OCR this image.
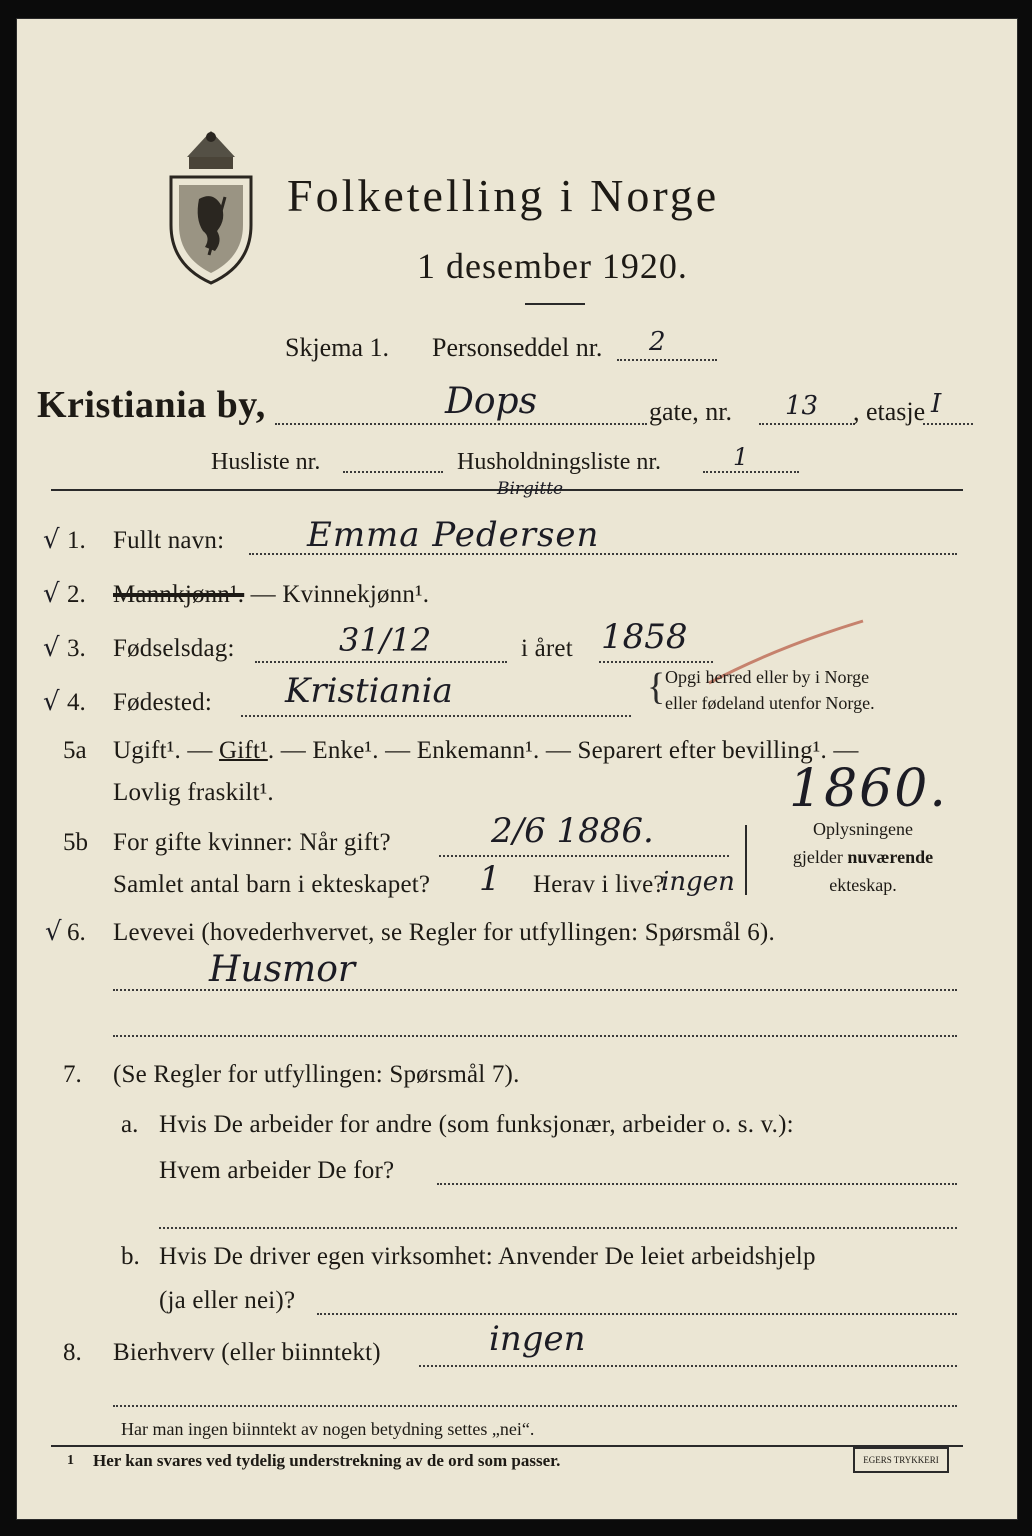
Folketelling i Norge
1 desember 1920.
Skjema 1. Personseddel nr. 2
Kristiania by,	Dops	gate, nr. 13 , etasje I
Husliste nr.	Husholdningsliste nr.	1
√ 1. Fullt navn:
Birgitte
Emma Pedersen
√ 2. Mannkjønn¹. — Kvinnekjønn¹.
√ 3. Fødselsdag:	31/12	i året 1858
√ 4. Fødested: Kristiania	{ Opgi herred eller by i Norge
eller fødeland utenfor Norge.
5a Ugift¹. — Gift¹. — Enke¹. — Enkemann¹. — Separert efter bevilling¹. —
Lovlig fraskilt¹.	1860.
5b For gifte kvinner: Når gift?	2/6 1886.
Samlet antal barn i ekteskapet? 1 Herav i live?
ingen
Oplysningene
gjelder nuværende
ekteskap.
√ 6. Levevei (hovederhvervet, se Regler for utfyllingen: Spørsmål 6).
Husmor
7. (Se Regler for utfyllingen: Spørsmål 7).
a. Hvis De arbeider for andre (som funksjonær, arbeider o. s. v.):
Hvem arbeider De for?
b. Hvis De driver egen virksomhet: Anvender De leiet arbeidshjelp
(ja eller nei)?
8. Bierhverv (eller biinntekt)	ingen
Har man ingen biinntekt av nogen betydning settes „nei“.
1 Her kan svares ved tydelig understrekning av de ord som passer.	EGERS TRYKKERI
